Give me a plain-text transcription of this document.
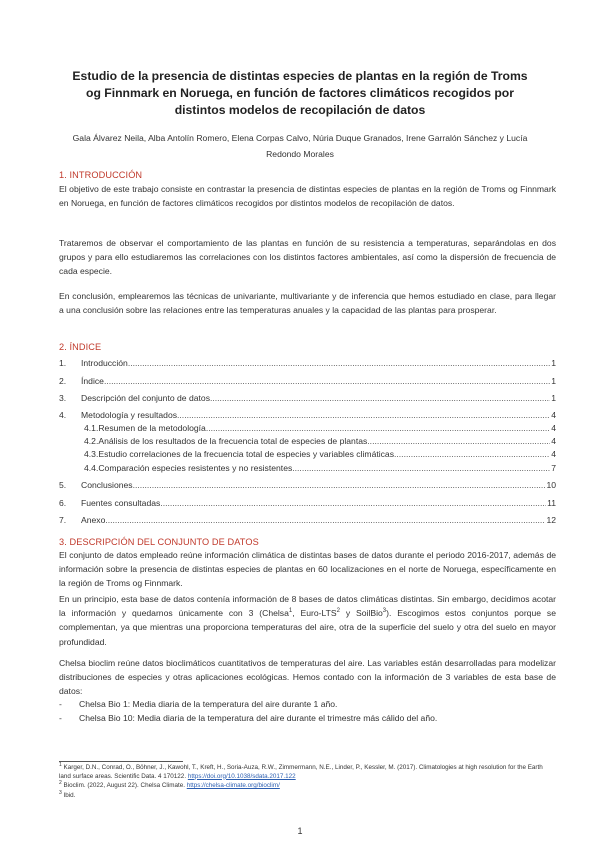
Estudio de la presencia de distintas especies de plantas en la región de Troms og Finnmark en Noruega, en función de factores climáticos recogidos por distintos modelos de recopilación de datos
Gala Álvarez Neila, Alba Antolín Romero, Elena Corpas Calvo, Núria Duque Granados, Irene Garralón Sánchez y Lucía Redondo Morales
1. INTRODUCCIÓN
El objetivo de este trabajo consiste en contrastar la presencia de distintas especies de plantas en la región de Troms og Finnmark en Noruega, en función de factores climáticos recogidos por distintos modelos de recopilación de datos.
Trataremos de observar el comportamiento de las plantas en función de su resistencia a temperaturas, separándolas en dos grupos y para ello estudiaremos las correlaciones con los distintos factores ambientales, así como la dispersión de frecuencia de cada especie.
En conclusión, emplearemos las técnicas de univariante, multivariante y de inferencia que hemos estudiado en clase, para llegar a una conclusión sobre las relaciones entre las temperaturas anuales y la capacidad de las plantas para prosperar.
2. ÍNDICE
1.	Introducción .....	1
2.	Índice .....	1
3.	Descripción del conjunto de datos .....	1
4.	Metodología y resultados .....	4
4.1.Resumen de la metodología .....	4
4.2.Análisis de los resultados de la frecuencia total de especies de plantas .....	4
4.3.Estudio correlaciones de la frecuencia total de especies y variables climáticas .....	4
4.4.Comparación especies resistentes y no resistentes .....	7
5.	Conclusiones .....	10
6.	Fuentes consultadas .....	11
7.	Anexo .....	12
3. DESCRIPCIÓN DEL CONJUNTO DE DATOS
El conjunto de datos empleado reúne información climática de distintas bases de datos durante el periodo 2016-2017, además de información sobre la presencia de distintas especies de plantas en 60 localizaciones en el norte de Noruega, específicamente en la región de Troms og Finnmark.
En un principio, esta base de datos contenía información de 8 bases de datos climáticas distintas. Sin embargo, decidimos acotar la información y quedarnos únicamente con 3 (Chelsa$^1$, Euro-LTS$^2$ y SoilBio$^3$). Escogimos estos conjuntos porque se complementan, ya que mientras una proporciona temperaturas del aire, otra de la superficie del suelo y otra del suelo en mayor profundidad.
Chelsa bioclim reúne datos bioclimáticos cuantitativos de temperaturas del aire. Las variables están desarrolladas para modelizar distribuciones de especies y otras aplicaciones ecológicas. Hemos contado con la información de 3 variables de esta base de datos:
- Chelsa Bio 1: Media diaria de la temperatura del aire durante 1 año.
- Chelsa Bio 10: Media diaria de la temperatura del aire durante el trimestre más cálido del año.
$^1$ Karger, D.N., Conrad, O., Böhner, J., Kawohl, T., Kreft, H., Soria-Auza, R.W., Zimmermann, N.E., Linder, P., Kessler, M. (2017). Climatologies at high resolution for the Earth land surface areas. Scientific Data. 4 170122. https://doi.org/10.1038/sdata.2017.122
$^2$ Bioclim. (2022, August 22). Chelsa Climate. https://chelsa-climate.org/bioclim/
$^3$ Ibid.
1
